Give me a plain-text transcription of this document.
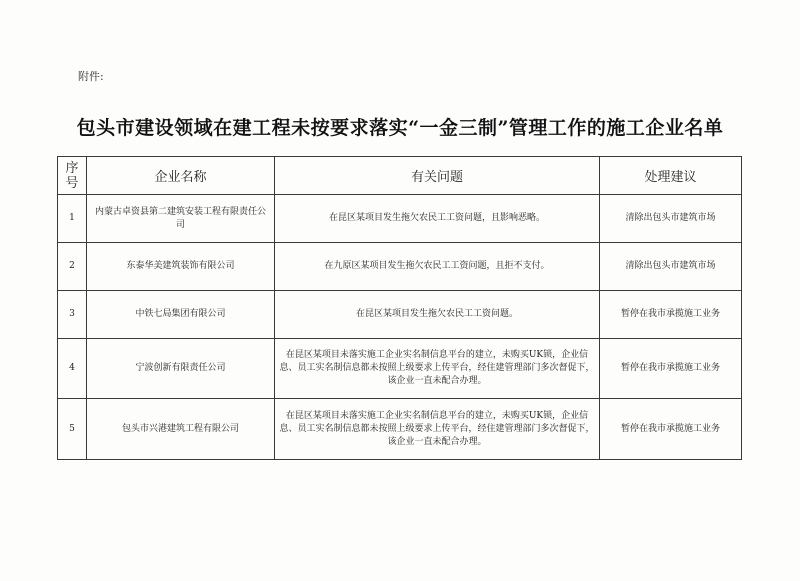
附件:
包头市建设领域在建工程未按要求落实“一金三制”管理工作的施工企业名单
序号	企业名称	有关问题	处理建议
1	内蒙古卓资县第二建筑安装工程有限责任公司	在昆区某项目发生拖欠农民工工资问题，且影响恶略。	清除出包头市建筑市场
2	东泰华美建筑装饰有限公司	在九原区某项目发生拖欠农民工工资问题，且拒不支付。	清除出包头市建筑市场
3	中铁七局集团有限公司	在昆区某项目发生拖欠农民工工资问题。	暂停在我市承揽施工业务
4	宁波创新有限责任公司	在昆区某项目未落实施工企业实名制信息平台的建立，未购买UK锁，企业信息、员工实名制信息都未按照上级要求上传平台，经住建管理部门多次督促下，该企业一直未配合办理。	暂停在我市承揽施工业务
5	包头市兴港建筑工程有限公司	在昆区某项目未落实施工企业实名制信息平台的建立，未购买UK锁，企业信息、员工实名制信息都未按照上级要求上传平台，经住建管理部门多次督促下，该企业一直未配合办理。	暂停在我市承揽施工业务
